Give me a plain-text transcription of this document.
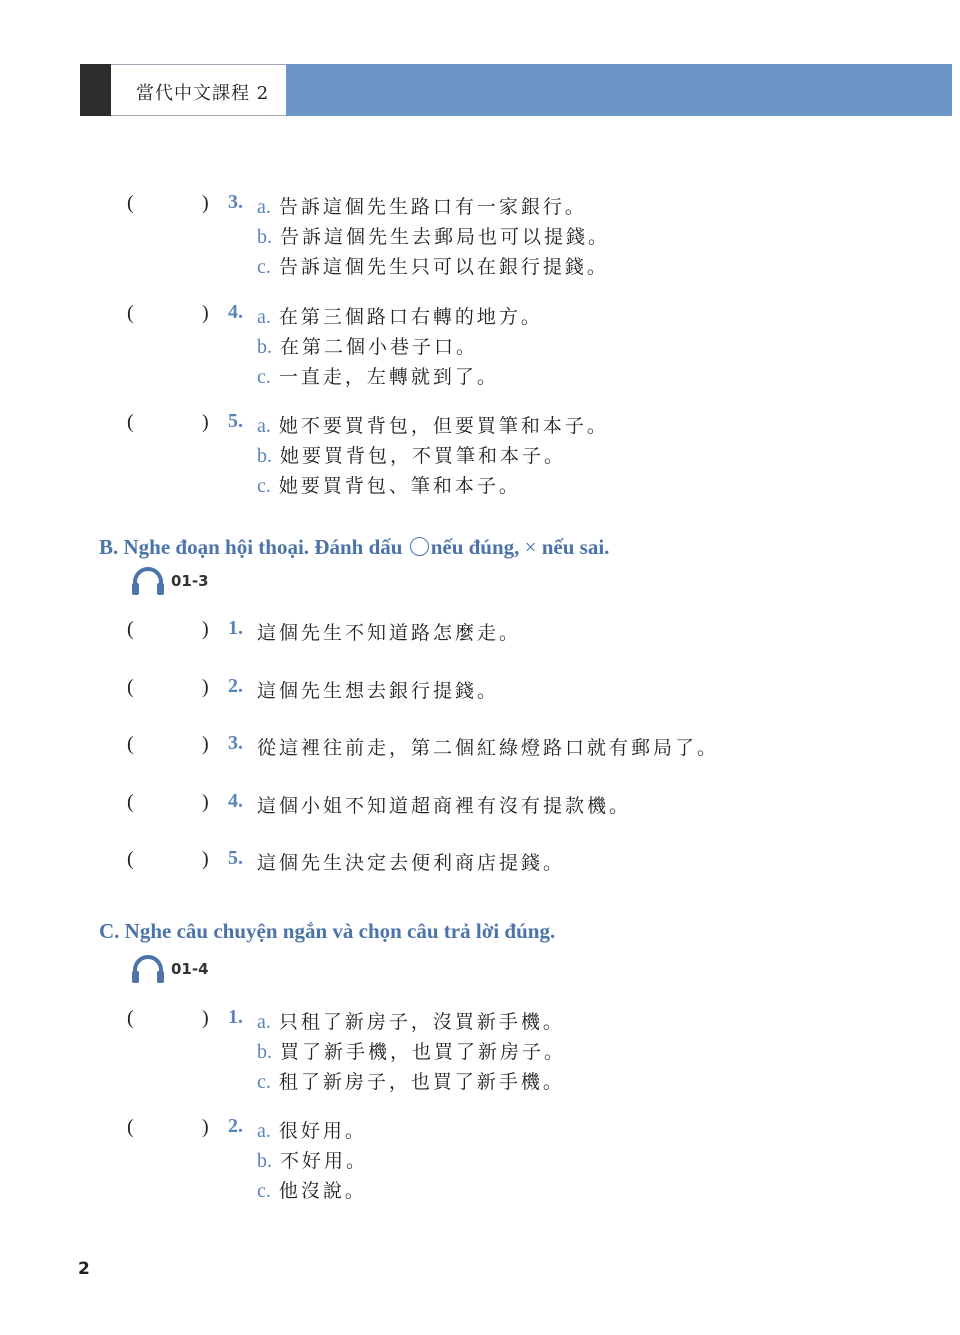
當代中文課程 2
(	) 3. a. 告訴這個先生路口有一家銀行。
b. 告訴這個先生去郵局也可以提錢。
c. 告訴這個先生只可以在銀行提錢。
(	) 4. a. 在第三個路口右轉的地方。
b. 在第二個小巷子口。
c. 一直走，左轉就到了。
(	) 5. a. 她不要買背包，但要買筆和本子。
b. 她要買背包，不買筆和本子。
c. 她要買背包、筆和本子。
B. Nghe đoạn hội thoại. Đánh dấu nếu đúng, × nếu sai.
01-3
(	) 1. 這個先生不知道路怎麼走。
(	) 2. 這個先生想去銀行提錢。
(	) 3. 從這裡往前走，第二個紅綠燈路口就有郵局了。
(	) 4. 這個小姐不知道超商裡有沒有提款機。
(	) 5. 這個先生決定去便利商店提錢。
C. Nghe câu chuyện ngắn và chọn câu trả lời đúng.
01-4
(	) 1. a. 只租了新房子，沒買新手機。
b. 買了新手機，也買了新房子。
c. 租了新房子，也買了新手機。
(	) 2. a. 很好用。
b. 不好用。
c. 他沒說。
2
